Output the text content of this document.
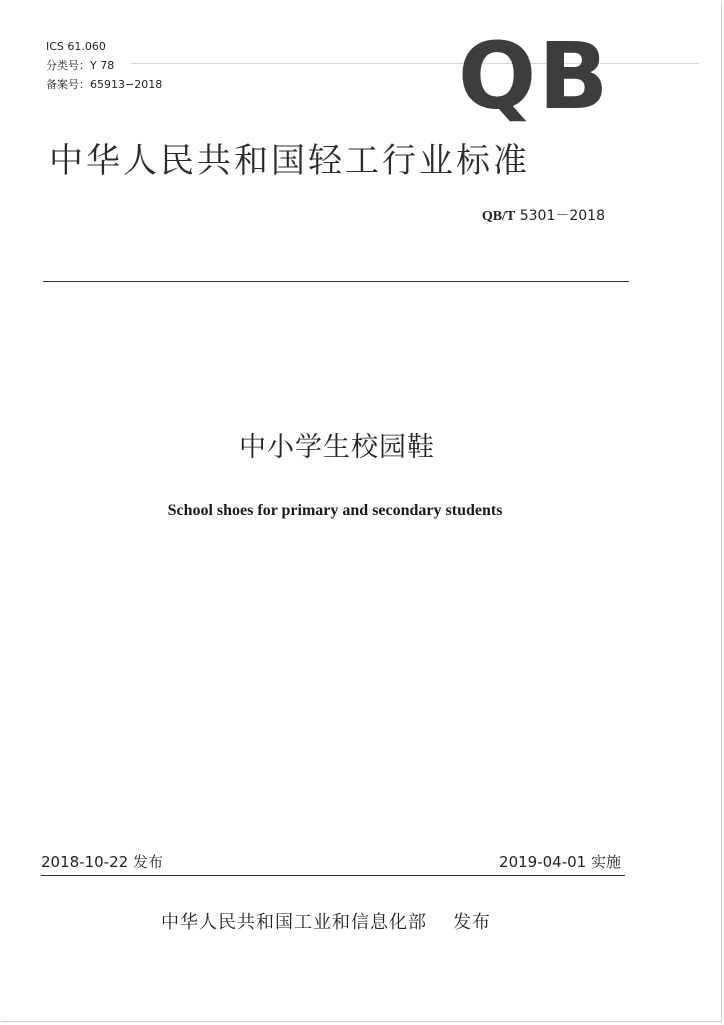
ICS 61.060
分类号：Y 78
备案号：65913−2018	QB
中华人民共和国轻工行业标准
QB/T 5301－2018
中小学生校园鞋
School shoes for primary and secondary students
2018-10-22 发布	2019-04-01 实施
中华人民共和国工业和信息化部 发布
